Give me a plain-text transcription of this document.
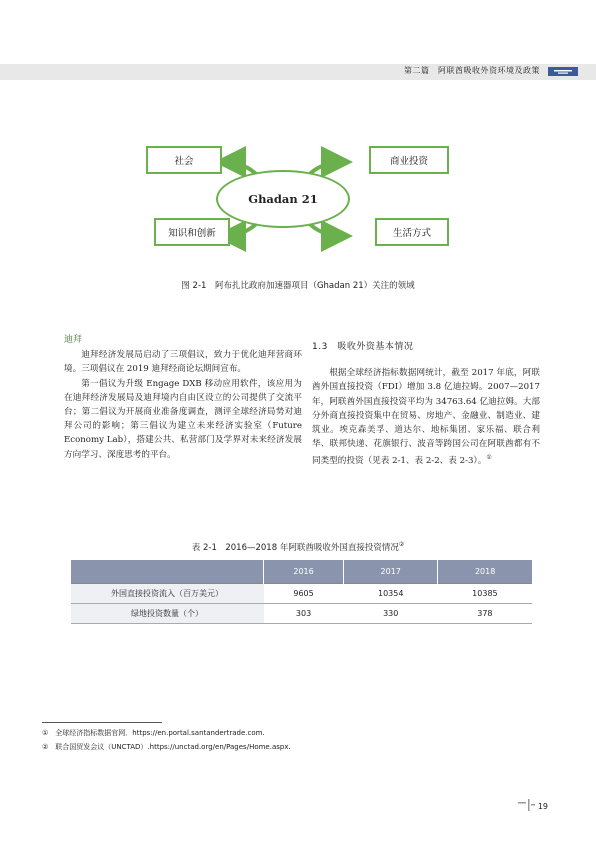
第二篇　阿联酋吸收外资环境及政策
社会	商业投资
知识和创新	生活方式
Ghadan 21
图 2-1　阿布扎比政府加速器项目（Ghadan 21）关注的领域
迪拜

迪拜经济发展局启动了三项倡议，致力于优化迪拜营商环境。三项倡议在 2019 迪拜经商论坛期间宣布。

第一倡议为升级 Engage DXB 移动应用软件，该应用为在迪拜经济发展局及迪拜境内自由区设立的公司提供了交流平台；第二倡议为开展商业准备度调查，测评全球经济局势对迪拜公司的影响；第三倡议为建立未来经济实验室（Future Economy Lab），搭建公共、私营部门及学界对未来经济发展方向学习、深度思考的平台。

1.3　吸收外资基本情况

根据全球经济指标数据网统计，截至 2017 年底，阿联酋外国直接投资（FDI）增加 3.8 亿迪拉姆。2007—2017 年，阿联酋外国直接投资平均为 34763.64 亿迪拉姆。大部分外商直接投资集中在贸易、房地产、金融业、制造业、建筑业。埃克森美孚、道达尔、地标集团、家乐福、联合利华、联邦快递、花旗银行、波音等跨国公司在阿联酋都有不同类型的投资（见表 2-1、表 2-2、表 2-3）。①

表 2-1　2016—2018 年阿联酋吸收外国直接投资情况②
	2016	2017	2018
外国直接投资流入（百万美元）	9605	10354	10385
绿地投资数量（个）	303	330	378
①　全球经济指标数据官网．https://en.portal.santandertrade.com.
②　联合国贸发会议（UNCTAD）.https://unctad.org/en/Pages/Home.aspx.
19
